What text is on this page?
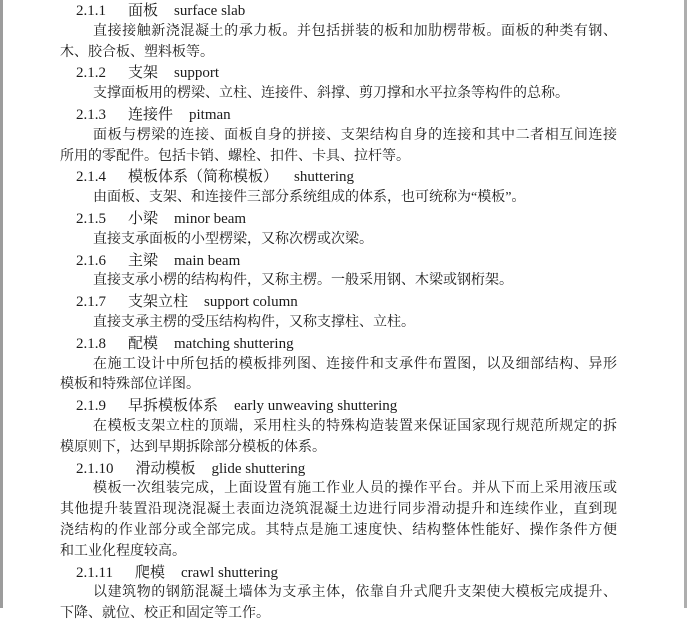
2.1.1 面板 surface slab
直接接触新浇混凝土的承力板。并包括拼装的板和加肋楞带板。面板的种类有钢、
木、胶合板、塑料板等。
2.1.2 支架 support
支撑面板用的楞梁、立柱、连接件、斜撑、剪刀撑和水平拉条等构件的总称。
2.1.3 连接件 pitman
面板与楞梁的连接、面板自身的拼接、支架结构自身的连接和其中二者相互间连接
所用的零配件。包括卡销、螺栓、扣件、卡具、拉杆等。
2.1.4 模板体系（简称模板） shuttering
由面板、支架、和连接件三部分系统组成的体系，也可统称为“模板”。
2.1.5 小梁 minor beam
直接支承面板的小型楞梁，又称次楞或次梁。
2.1.6 主梁 main beam
直接支承小楞的结构构件，又称主楞。一般采用钢、木梁或钢桁架。
2.1.7 支架立柱 support column
直接支承主楞的受压结构构件，又称支撑柱、立柱。
2.1.8 配模 matching shuttering
在施工设计中所包括的模板排列图、连接件和支承件布置图，以及细部结构、异形
模板和特殊部位详图。
2.1.9 早拆模板体系 early unweaving shuttering
在模板支架立柱的顶端，采用柱头的特殊构造装置来保证国家现行规范所规定的拆
模原则下，达到早期拆除部分模板的体系。
2.1.10 滑动模板 glide shuttering
模板一次组装完成，上面设置有施工作业人员的操作平台。并从下而上采用液压或
其他提升装置沿现浇混凝土表面边浇筑混凝土边进行同步滑动提升和连续作业，直到现
浇结构的作业部分或全部完成。其特点是施工速度快、结构整体性能好、操作条件方便
和工业化程度较高。
2.1.11 爬模 crawl shuttering
以建筑物的钢筋混凝土墙体为支承主体，依靠自升式爬升支架使大模板完成提升、
下降、就位、校正和固定等工作。
